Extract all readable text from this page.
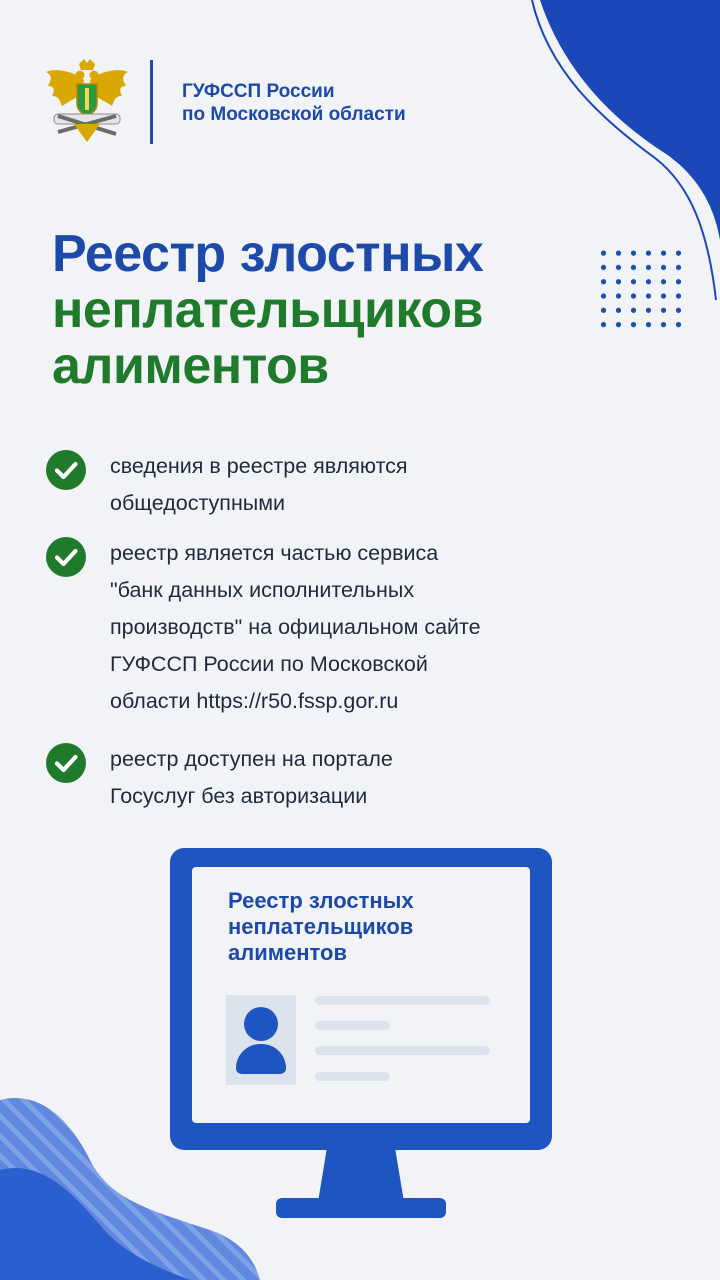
ГУФССП России
по Московской области
Реестр злостных
неплательщиков
алиментов
сведения в реестре являются
общедоступными
реестр является частью сервиса
"банк данных исполнительных
производств" на официальном сайте
ГУФССП России по Московской
области https://r50.fssp.gor.ru
реестр доступен на портале
Госуслуг без авторизации
Реестр злостных
неплательщиков
алиментов
